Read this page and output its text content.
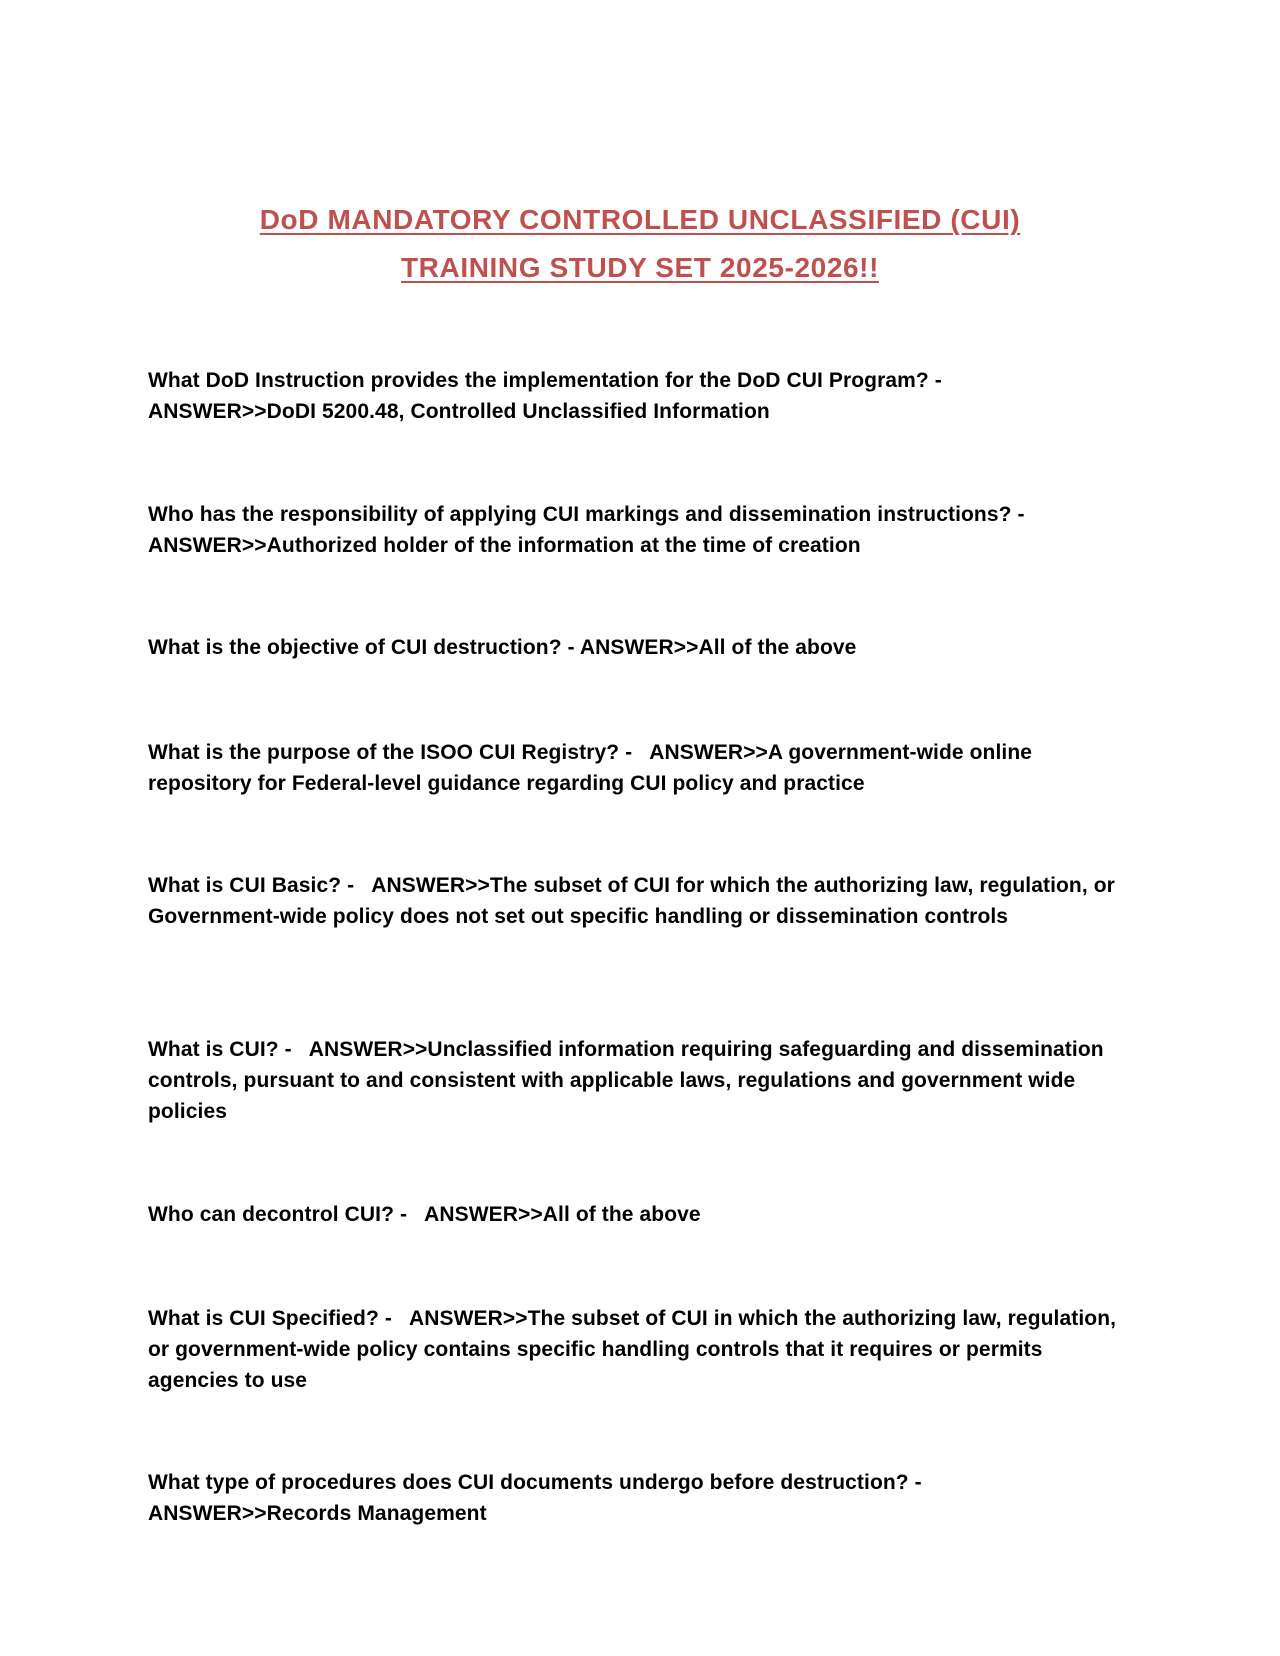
DoD MANDATORY CONTROLLED UNCLASSIFIED (CUI)
TRAINING STUDY SET 2025-2026!!
What DoD Instruction provides the implementation for the DoD CUI Program? -
ANSWER>>DoDI 5200.48, Controlled Unclassified Information
Who has the responsibility of applying CUI markings and dissemination instructions? -
ANSWER>>Authorized holder of the information at the time of creation
What is the objective of CUI destruction? - ANSWER>>All of the above
What is the purpose of the ISOO CUI Registry? - ANSWER>>A government-wide online repository for Federal-level guidance regarding CUI policy and practice
What is CUI Basic? - ANSWER>>The subset of CUI for which the authorizing law, regulation, or Government-wide policy does not set out specific handling or dissemination controls
What is CUI? - ANSWER>>Unclassified information requiring safeguarding and dissemination controls, pursuant to and consistent with applicable laws, regulations and government wide policies
Who can decontrol CUI? - ANSWER>>All of the above
What is CUI Specified? - ANSWER>>The subset of CUI in which the authorizing law, regulation, or government-wide policy contains specific handling controls that it requires or permits agencies to use
What type of procedures does CUI documents undergo before destruction? -
ANSWER>>Records Management
